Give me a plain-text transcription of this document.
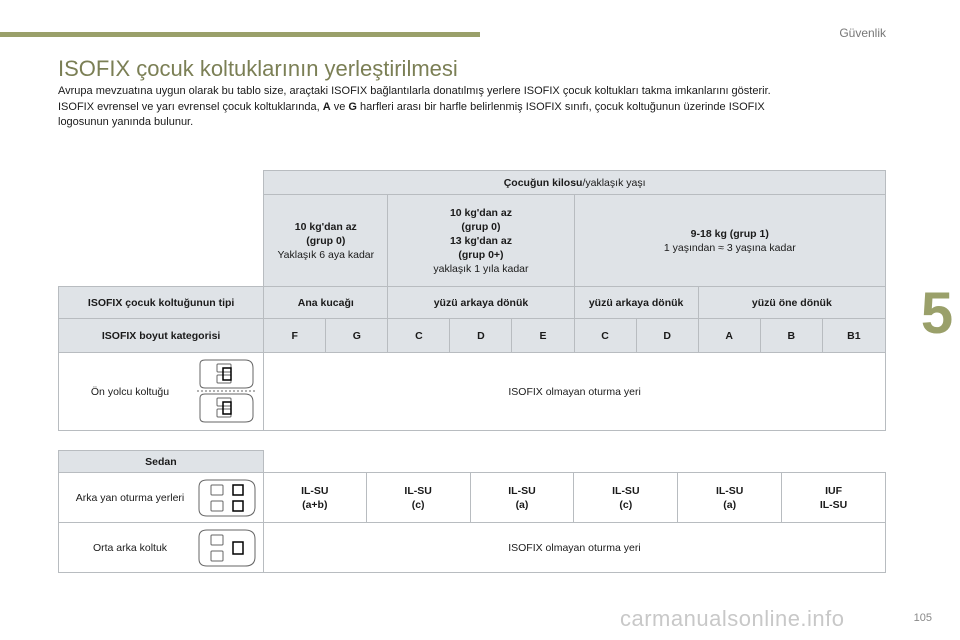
Güvenlik
5
ISOFIX çocuk koltuklarının yerleştirilmesi
Avrupa mevzuatına uygun olarak bu tablo size, araçtaki ISOFIX bağlantılarla donatılmış yerlere ISOFIX çocuk koltukları takma imkanlarını gösterir.
ISOFIX evrensel ve yarı evrensel çocuk koltuklarında, A ve G harfleri arası bir harfle belirlenmiş ISOFIX sınıfı, çocuk koltuğunun üzerinde ISOFIX
logosunun yanında bulunur.
	Çocuğun kilosu/yaklaşık yaşı									
	10 kg'dan az
(grup 0)
Yaklaşık 6 aya kadar		10 kg'dan az
(grup 0)
13 kg'dan az
(grup 0+)
yaklaşık 1 yıla kadar			9-18 kg (grup 1)
1 yaşından ≈ 3 yaşına kadar				
ISOFIX çocuk koltuğunun tipi	Ana kucağı		yüzü arkaya dönük			yüzü arkaya dönük		yüzü öne dönük		
ISOFIX boyut kategorisi	F	G	C	D	E	C	D	A	B	B1
Ön yolcu koltuğu	ISOFIX olmayan oturma yeri									
Sedan						
Arka yan oturma yerleri	IL-SU
(a+b)	IL-SU
(c)	IL-SU
(a)	IL-SU
(c)	IL-SU
(a)	IUF
IL-SU
Orta arka koltuk	ISOFIX olmayan oturma yeri					
carmanualsonline.info	105
